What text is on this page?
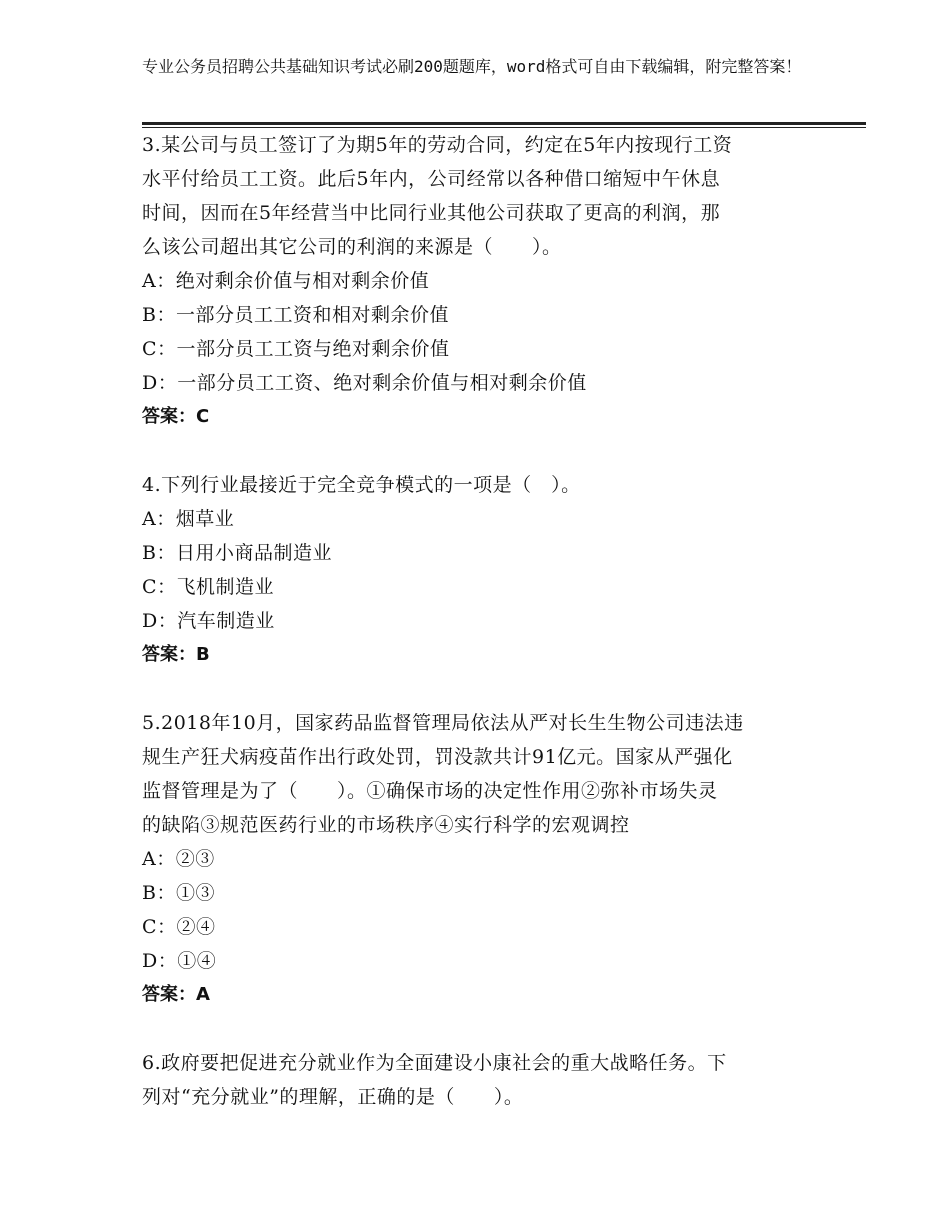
专业公务员招聘公共基础知识考试必刷200题题库，word格式可自由下载编辑，附完整答案！

3.某公司与员工签订了为期5年的劳动合同，约定在5年内按现行工资

水平付给员工工资。此后5年内，公司经常以各种借口缩短中午休息

时间，因而在5年经营当中比同行业其他公司获取了更高的利润，那

么该公司超出其它公司的利润的来源是（　　）。

A：绝对剩余价值与相对剩余价值

B：一部分员工工资和相对剩余价值

C：一部分员工工资与绝对剩余价值

D：一部分员工工资、绝对剩余价值与相对剩余价值

答案：C

4.下列行业最接近于完全竞争模式的一项是（　）。

A：烟草业

B：日用小商品制造业

C：飞机制造业

D：汽车制造业

答案：B

5.2018年10月，国家药品监督管理局依法从严对长生生物公司违法违

规生产狂犬病疫苗作出行政处罚，罚没款共计91亿元。国家从严强化

监督管理是为了（　　）。①确保市场的决定性作用②弥补市场失灵

的缺陷③规范医药行业的市场秩序④实行科学的宏观调控

A：②③

B：①③

C：②④

D：①④

答案：A

6.政府要把促进充分就业作为全面建设小康社会的重大战略任务。下

列对“充分就业”的理解，正确的是（　　）。
